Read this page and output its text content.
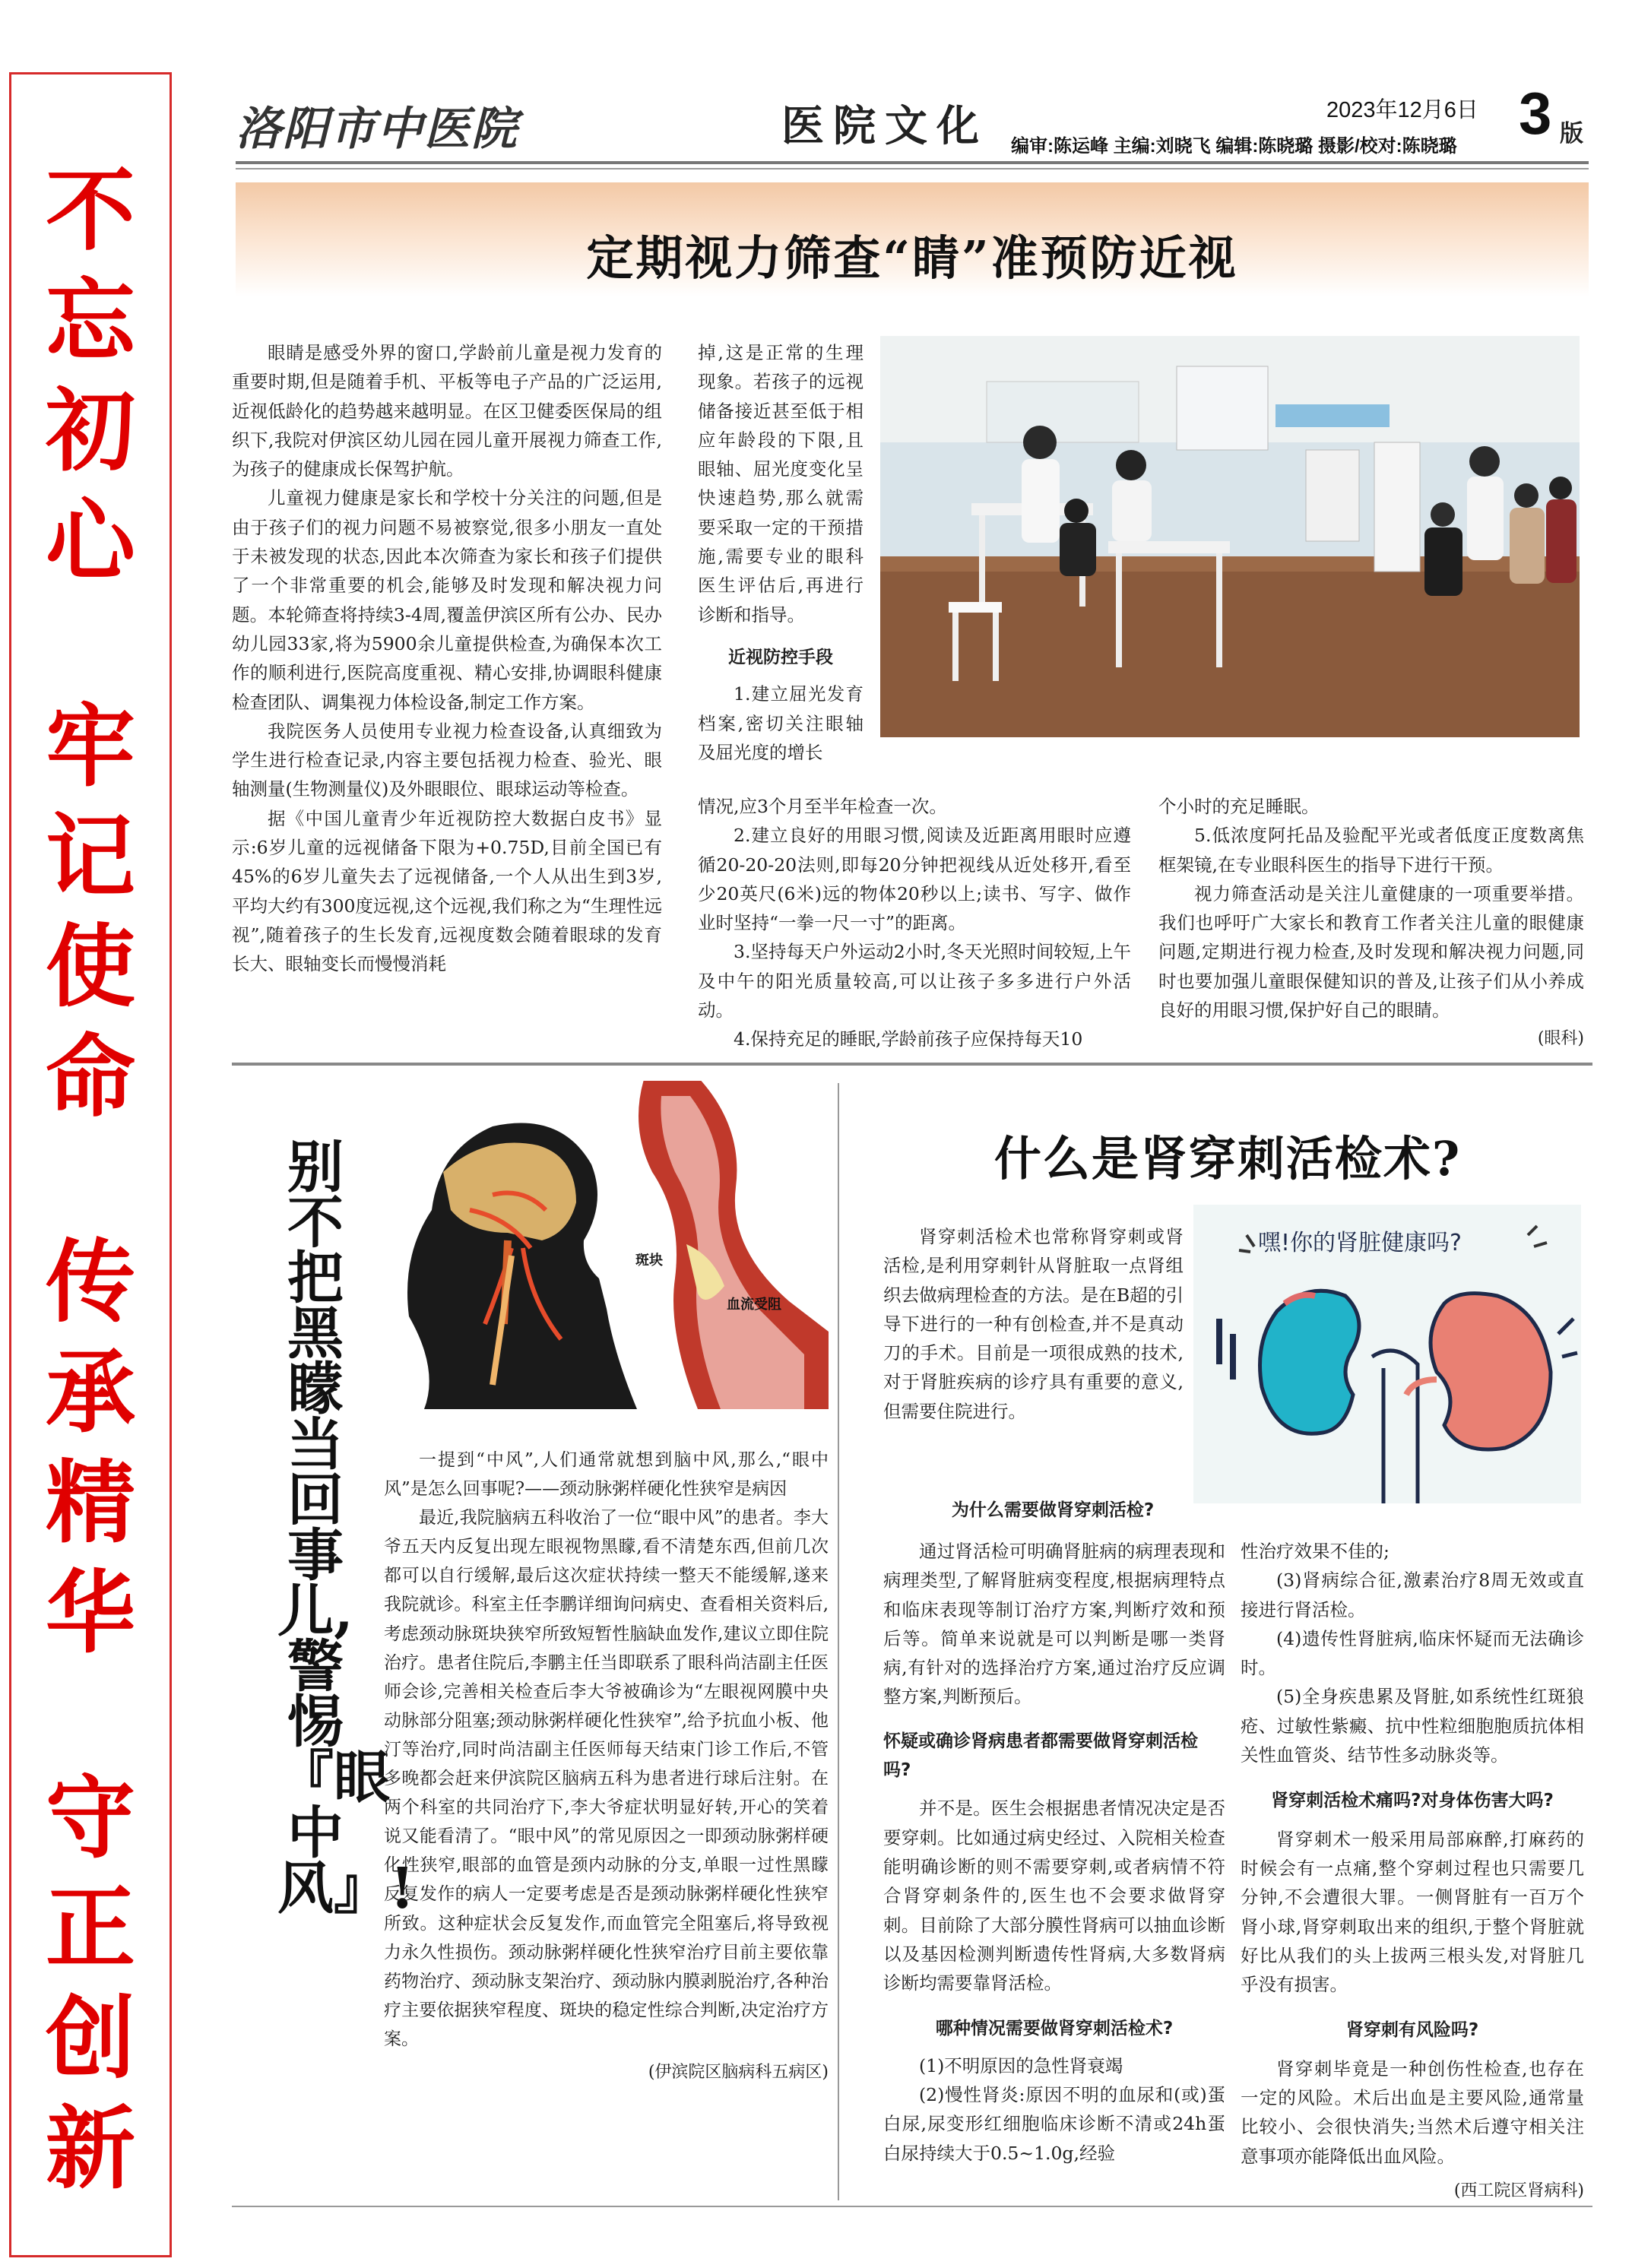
不
忘
初
心
牢
记
使
命
传
承
精
华
守
正
创
新
洛阳市中医院	医院文化	2023年12月6日 3 版
编审:陈运峰 主编:刘晓飞 编辑:陈晓璐 摄影/校对:陈晓璐
定期视力筛查“睛”准预防近视

眼睛是感受外界的窗口,学龄前儿童是视力发育的重要时期,但是随着手机、平板等电子产品的广泛运用,近视低龄化的趋势越来越明显。在区卫健委医保局的组织下,我院对伊滨区幼儿园在园儿童开展视力筛查工作,为孩子的健康成长保驾护航。

儿童视力健康是家长和学校十分关注的问题,但是由于孩子们的视力问题不易被察觉,很多小朋友一直处于未被发现的状态,因此本次筛查为家长和孩子们提供了一个非常重要的机会,能够及时发现和解决视力问题。本轮筛查将持续3-4周,覆盖伊滨区所有公办、民办幼儿园33家,将为5900余儿童提供检查,为确保本次工作的顺利进行,医院高度重视、精心安排,协调眼科健康检查团队、调集视力体检设备,制定工作方案。

我院医务人员使用专业视力检查设备,认真细致为学生进行检查记录,内容主要包括视力检查、验光、眼轴测量(生物测量仪)及外眼眼位、眼球运动等检查。

据《中国儿童青少年近视防控大数据白皮书》显示:6岁儿童的远视储备下限为+0.75D,目前全国已有45%的6岁儿童失去了远视储备,一个人从出生到3岁,平均大约有300度远视,这个远视,我们称之为“生理性远视”,随着孩子的生长发育,远视度数会随着眼球的发育长大、眼轴变长而慢慢消耗

掉,这是正常的生理现象。若孩子的远视储备接近甚至低于相应年龄段的下限,且眼轴、屈光度变化呈快速趋势,那么就需要采取一定的干预措施,需要专业的眼科医生评估后,再进行诊断和指导。

近视防控手段

1.建立屈光发育档案,密切关注眼轴及屈光度的增长

情况,应3个月至半年检查一次。

2.建立良好的用眼习惯,阅读及近距离用眼时应遵循20-20-20法则,即每20分钟把视线从近处移开,看至少20英尺(6米)远的物体20秒以上;读书、写字、做作业时坚持“一拳一尺一寸”的距离。

3.坚持每天户外运动2小时,冬天光照时间较短,上午及中午的阳光质量较高,可以让孩子多多进行户外活动。

4.保持充足的睡眠,学龄前孩子应保持每天10

个小时的充足睡眠。

5.低浓度阿托品及验配平光或者低度正度数离焦框架镜,在专业眼科医生的指导下进行干预。

视力筛查活动是关注儿童健康的一项重要举措。我们也呼吁广大家长和教育工作者关注儿童的眼健康问题,定期进行视力检查,及时发现和解决视力问题,同时也要加强儿童眼保健知识的普及,让孩子们从小养成良好的用眼习惯,保护好自己的眼睛。

(眼科)
斑块
血流受阻
别不把黑矇当回事儿,警惕『眼中风』!

一提到“中风”,人们通常就想到脑中风,那么,“眼中风”是怎么回事呢?——颈动脉粥样硬化性狭窄是病因

最近,我院脑病五科收治了一位“眼中风”的患者。李大爷五天内反复出现左眼视物黑矇,看不清楚东西,但前几次都可以自行缓解,最后这次症状持续一整天不能缓解,遂来我院就诊。科室主任李鹏详细询问病史、查看相关资料后,考虑颈动脉斑块狭窄所致短暂性脑缺血发作,建议立即住院治疗。患者住院后,李鹏主任当即联系了眼科尚洁副主任医师会诊,完善相关检查后李大爷被确诊为“左眼视网膜中央动脉部分阻塞;颈动脉粥样硬化性狭窄”,给予抗血小板、他汀等治疗,同时尚洁副主任医师每天结束门诊工作后,不管多晚都会赶来伊滨院区脑病五科为患者进行球后注射。在两个科室的共同治疗下,李大爷症状明显好转,开心的笑着说又能看清了。“眼中风”的常见原因之一即颈动脉粥样硬化性狭窄,眼部的血管是颈内动脉的分支,单眼一过性黑矇反复发作的病人一定要考虑是否是颈动脉粥样硬化性狭窄所致。这种症状会反复发作,而血管完全阻塞后,将导致视力永久性损伤。颈动脉粥样硬化性狭窄治疗目前主要依靠药物治疗、颈动脉支架治疗、颈动脉内膜剥脱治疗,各种治疗主要依据狭窄程度、斑块的稳定性综合判断,决定治疗方案。

(伊滨院区脑病科五病区)
什么是肾穿刺活检术?
嘿!你的肾脏健康吗?

肾穿刺活检术也常称肾穿刺或肾活检,是利用穿刺针从肾脏取一点肾组织去做病理检查的方法。是在B超的引导下进行的一种有创检查,并不是真动刀的手术。目前是一项很成熟的技术,对于肾脏疾病的诊疗具有重要的意义,但需要住院进行。

为什么需要做肾穿刺活检?

通过肾活检可明确肾脏病的病理表现和病理类型,了解肾脏病变程度,根据病理特点和临床表现等制订治疗方案,判断疗效和预后等。简单来说就是可以判断是哪一类肾病,有针对的选择治疗方案,通过治疗反应调整方案,判断预后。

怀疑或确诊肾病患者都需要做肾穿刺活检吗?

并不是。医生会根据患者情况决定是否要穿刺。比如通过病史经过、入院相关检查能明确诊断的则不需要穿刺,或者病情不符合肾穿刺条件的,医生也不会要求做肾穿刺。目前除了大部分膜性肾病可以抽血诊断以及基因检测判断遗传性肾病,大多数肾病诊断均需要靠肾活检。

哪种情况需要做肾穿刺活检术?

(1)不明原因的急性肾衰竭

(2)慢性肾炎:原因不明的血尿和(或)蛋白尿,尿变形红细胞临床诊断不清或24h蛋白尿持续大于0.5~1.0g,经验

性治疗效果不佳的;

(3)肾病综合征,激素治疗8周无效或直接进行肾活检。

(4)遗传性肾脏病,临床怀疑而无法确诊时。

(5)全身疾患累及肾脏,如系统性红斑狼疮、过敏性紫癜、抗中性粒细胞胞质抗体相关性血管炎、结节性多动脉炎等。

肾穿刺活检术痛吗?对身体伤害大吗?

肾穿刺术一般采用局部麻醉,打麻药的时候会有一点痛,整个穿刺过程也只需要几分钟,不会遭很大罪。一侧肾脏有一百万个肾小球,肾穿刺取出来的组织,于整个肾脏就好比从我们的头上拔两三根头发,对肾脏几乎没有损害。

肾穿刺有风险吗?

肾穿刺毕竟是一种创伤性检查,也存在一定的风险。术后出血是主要风险,通常量比较小、会很快消失;当然术后遵守相关注意事项亦能降低出血风险。

(西工院区肾病科)
